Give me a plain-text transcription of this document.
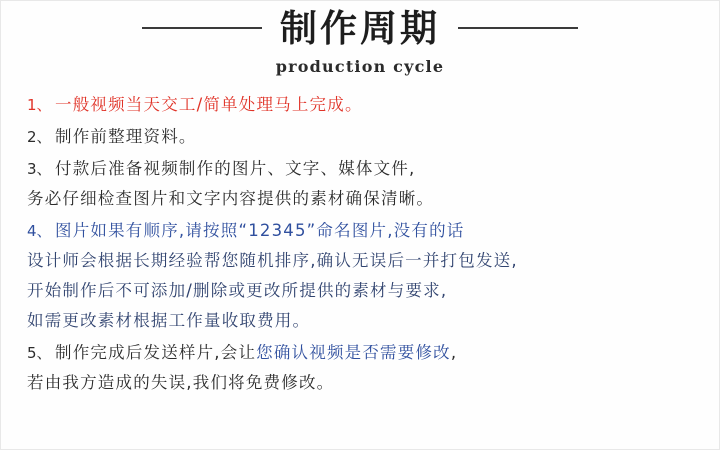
制作周期
production cycle
1、 一般视频当天交工/简单处理马上完成。
2、 制作前整理资料。
3、 付款后准备视频制作的图片、文字、媒体文件,
务必仔细检查图片和文字内容提供的素材确保清晰。
4、 图片如果有顺序,请按照“12345”命名图片,没有的话
设计师会根据长期经验帮您随机排序,确认无误后一并打包发送,
开始制作后不可添加/删除或更改所提供的素材与要求,
如需更改素材根据工作量收取费用。
5、 制作完成后发送样片,会让您确认视频是否需要修改,
若由我方造成的失误,我们将免费修改。
